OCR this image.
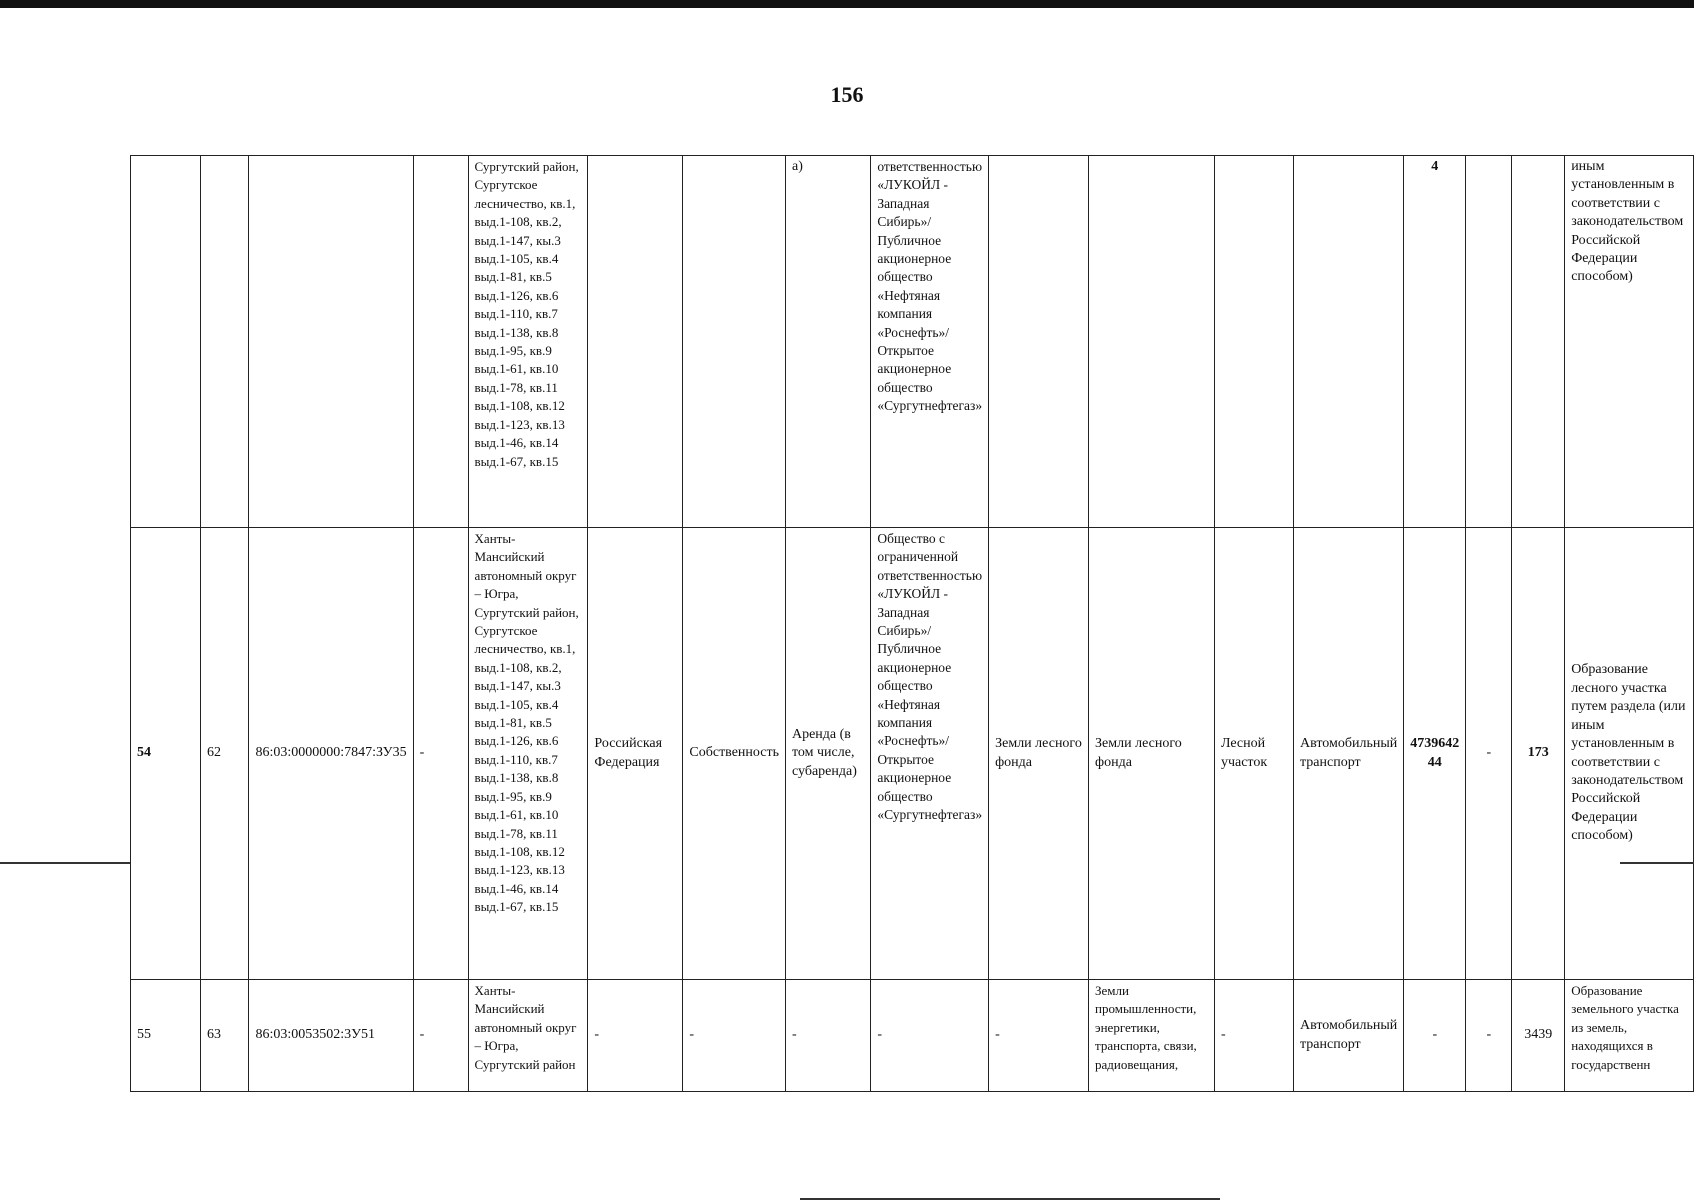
156
				Сургутский район, Сургутское лесничество, кв.1, выд.1-108, кв.2, выд.1-147, кы.3 выд.1-105, кв.4 выд.1-81, кв.5 выд.1-126, кв.6 выд.1-110, кв.7 выд.1-138, кв.8 выд.1-95, кв.9 выд.1-61, кв.10 выд.1-78, кв.11 выд.1-108, кв.12 выд.1-123, кв.13 выд.1-46, кв.14 выд.1-67, кв.15			а)	ответственностью «ЛУКОЙЛ - Западная Сибирь»/Публичное акционерное общество «Нефтяная компания «Роснефть»/Открытое акционерное общество «Сургутнефтегаз»					4			иным установленным в соответствии с законодательством Российской Федерации способом)
54	62	86:03:0000000:7847:ЗУ35	-	Ханты-Мансийский автономный округ – Югра, Сургутский район, Сургутское лесничество, кв.1, выд.1-108, кв.2, выд.1-147, кы.3 выд.1-105, кв.4 выд.1-81, кв.5 выд.1-126, кв.6 выд.1-110, кв.7 выд.1-138, кв.8 выд.1-95, кв.9 выд.1-61, кв.10 выд.1-78, кв.11 выд.1-108, кв.12 выд.1-123, кв.13 выд.1-46, кв.14 выд.1-67, кв.15	Российская Федерация	Собственность	Аренда (в том числе, субаренда)	Общество с ограниченной ответственностью «ЛУКОЙЛ - Западная Сибирь»/Публичное акционерное общество «Нефтяная компания «Роснефть»/Открытое акционерное общество «Сургутнефтегаз»	Земли лесного фонда	Земли лесного фонда	Лесной участок	Автомобильный транспорт	4739642 44	-	173	Образование лесного участка путем раздела (или иным установленным в соответствии с законодательством Российской Федерации способом)
55	63	86:03:0053502:3У51	-	Ханты-Мансийский автономный округ – Югра, Сургутский район	-	-	-	-	-	Земли промышленности, энергетики, транспорта, связи, радиовещания,	-	Автомобильный транспорт	-	-	3439	Образование земельного участка из земель, находящихся в государственн
